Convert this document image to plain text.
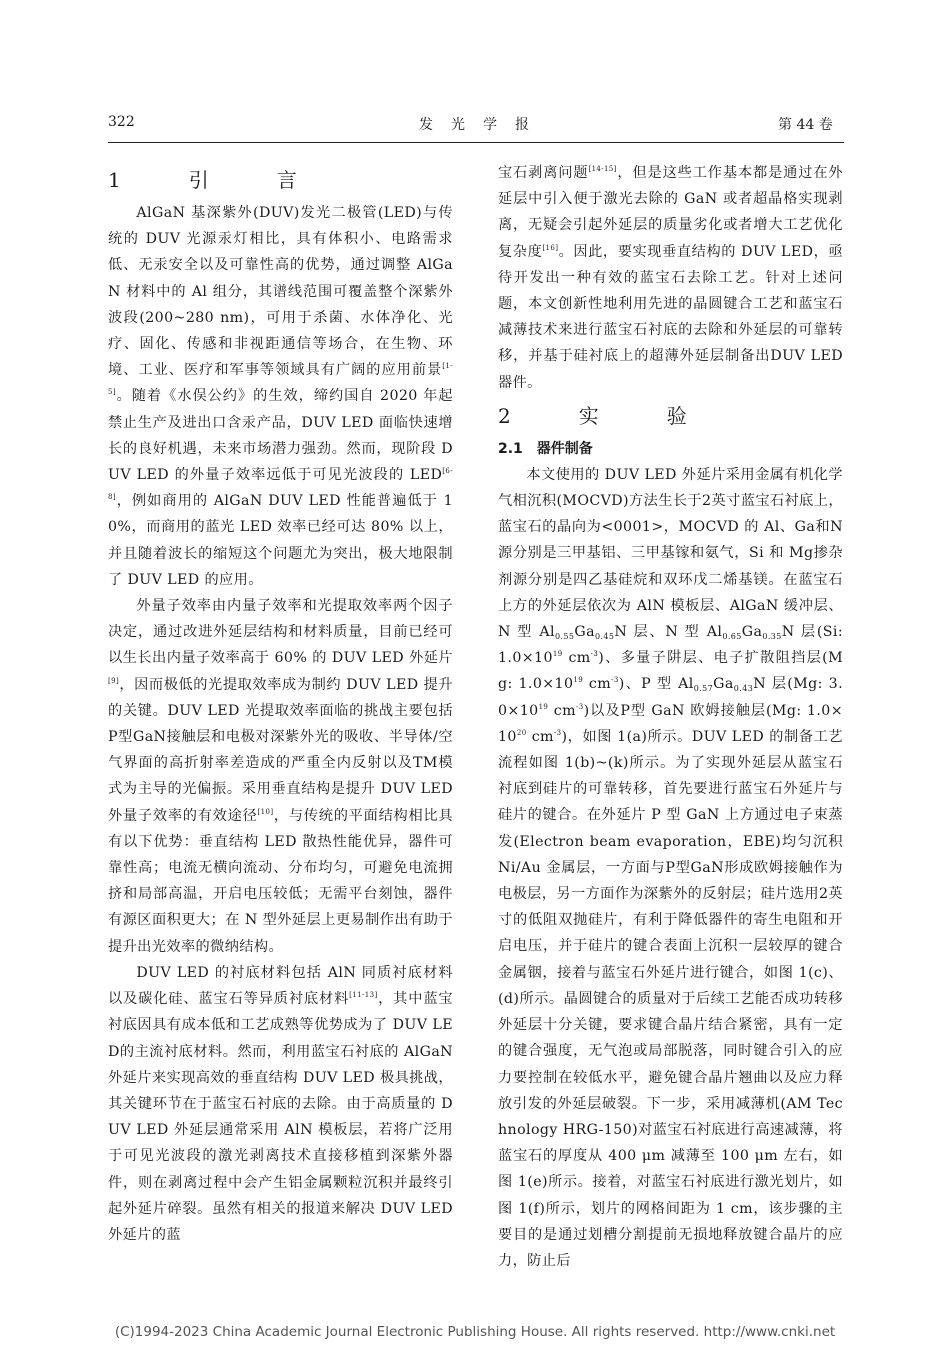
322	发　光　学　报	第 44 卷
1　引　言

AlGaN 基深紫外(DUV)发光二极管(LED)与传统的 DUV 光源汞灯相比，具有体积小、电路需求低、无汞安全以及可靠性高的优势，通过调整 AlGaN 材料中的 Al 组分，其谱线范围可覆盖整个深紫外波段(200~280 nm)，可用于杀菌、水体净化、光疗、固化、传感和非视距通信等场合，在生物、环境、工业、医疗和军事等领域具有广阔的应用前景[1-5]。随着《水俣公约》的生效，缔约国自 2020 年起禁止生产及进出口含汞产品，DUV LED 面临快速增长的良好机遇，未来市场潜力强劲。然而，现阶段 DUV LED 的外量子效率远低于可见光波段的 LED[6-8]，例如商用的 AlGaN DUV LED 性能普遍低于 10%，而商用的蓝光 LED 效率已经可达 80% 以上，并且随着波长的缩短这个问题尤为突出，极大地限制了 DUV LED 的应用。

外量子效率由内量子效率和光提取效率两个因子决定，通过改进外延层结构和材料质量，目前已经可以生长出内量子效率高于 60% 的 DUV LED 外延片[9]，因而极低的光提取效率成为制约 DUV LED 提升的关键。DUV LED 光提取效率面临的挑战主要包括P型GaN接触层和电极对深紫外光的吸收、半导体/空气界面的高折射率差造成的严重全内反射以及TM模式为主导的光偏振。采用垂直结构是提升 DUV LED 外量子效率的有效途径[10]，与传统的平面结构相比具有以下优势：垂直结构 LED 散热性能优异，器件可靠性高；电流无横向流动、分布均匀，可避免电流拥挤和局部高温，开启电压较低；无需平台刻蚀，器件有源区面积更大；在 N 型外延层上更易制作出有助于提升出光效率的微纳结构。

DUV LED 的衬底材料包括 AlN 同质衬底材料以及碳化硅、蓝宝石等异质衬底材料[11-13]，其中蓝宝衬底因具有成本低和工艺成熟等优势成为了 DUV LED的主流衬底材料。然而，利用蓝宝石衬底的 AlGaN 外延片来实现高效的垂直结构 DUV LED 极具挑战，其关键环节在于蓝宝石衬底的去除。由于高质量的 DUV LED 外延层通常采用 AlN 模板层，若将广泛用于可见光波段的激光剥离技术直接移植到深紫外器件，则在剥离过程中会产生铝金属颗粒沉积并最终引起外延片碎裂。虽然有相关的报道来解决 DUV LED外延片的蓝

宝石剥离问题[14-15]，但是这些工作基本都是通过在外延层中引入便于激光去除的 GaN 或者超晶格实现剥离，无疑会引起外延层的质量劣化或者增大工艺优化复杂度[16]。因此，要实现垂直结构的 DUV LED，亟待开发出一种有效的蓝宝石去除工艺。针对上述问题，本文创新性地利用先进的晶圆键合工艺和蓝宝石减薄技术来进行蓝宝石衬底的去除和外延层的可靠转移，并基于硅衬底上的超薄外延层制备出DUV LED器件。

2　实　验
2.1　器件制备

本文使用的 DUV LED 外延片采用金属有机化学气相沉积(MOCVD)方法生长于2英寸蓝宝石衬底上，蓝宝石的晶向为<0001>，MOCVD 的 Al、Ga和N源分别是三甲基铝、三甲基镓和氨气，Si 和 Mg掺杂剂源分别是四乙基硅烷和双环戊二烯基镁。在蓝宝石上方的外延层依次为 AlN 模板层、AlGaN 缓冲层、N 型 $Al_{0.55}Ga_{0.45}N$ 层、N 型 $Al_{0.65}Ga_{0.35}N$ 层(Si: $1.0\times 10^{19}$ $cm^{-3}$)、多量子阱层、电子扩散阻挡层(Mg: $1.0\times 10^{19}$ $cm^{-3}$)、P 型 $Al_{0.57}Ga_{0.43}N$ 层(Mg: $3.0\times 10^{19}$ $cm^{-3}$)以及P型 GaN 欧姆接触层(Mg: $1.0\times 10^{20}$ $cm^{-3}$)，如图 1(a)所示。DUV LED 的制备工艺流程如图 1(b)~(k)所示。为了实现外延层从蓝宝石衬底到硅片的可靠转移，首先要进行蓝宝石外延片与硅片的键合。在外延片 P 型 GaN 上方通过电子束蒸发(Electron beam evaporation，EBE)均匀沉积 Ni/Au 金属层，一方面与P型GaN形成欧姆接触作为电极层，另一方面作为深紫外的反射层；硅片选用2英寸的低阻双抛硅片，有利于降低器件的寄生电阻和开启电压，并于硅片的键合表面上沉积一层较厚的键合金属铟，接着与蓝宝石外延片进行键合，如图 1(c)、(d)所示。晶圆键合的质量对于后续工艺能否成功转移外延层十分关键，要求键合晶片结合紧密，具有一定的键合强度，无气泡或局部脱落，同时键合引入的应力要控制在较低水平，避免键合晶片翘曲以及应力释放引发的外延层破裂。下一步，采用减薄机(AM Technology HRG-150)对蓝宝石衬底进行高速减薄，将蓝宝石的厚度从 400 μm 减薄至 100 μm 左右，如图 1(e)所示。接着，对蓝宝石衬底进行激光划片，如图 1(f)所示，划片的网格间距为 1 cm，该步骤的主要目的是通过划槽分割提前无损地释放键合晶片的应力，防止后

(C)1994-2023 China Academic Journal Electronic Publishing House. All rights reserved. http://www.cnki.net
